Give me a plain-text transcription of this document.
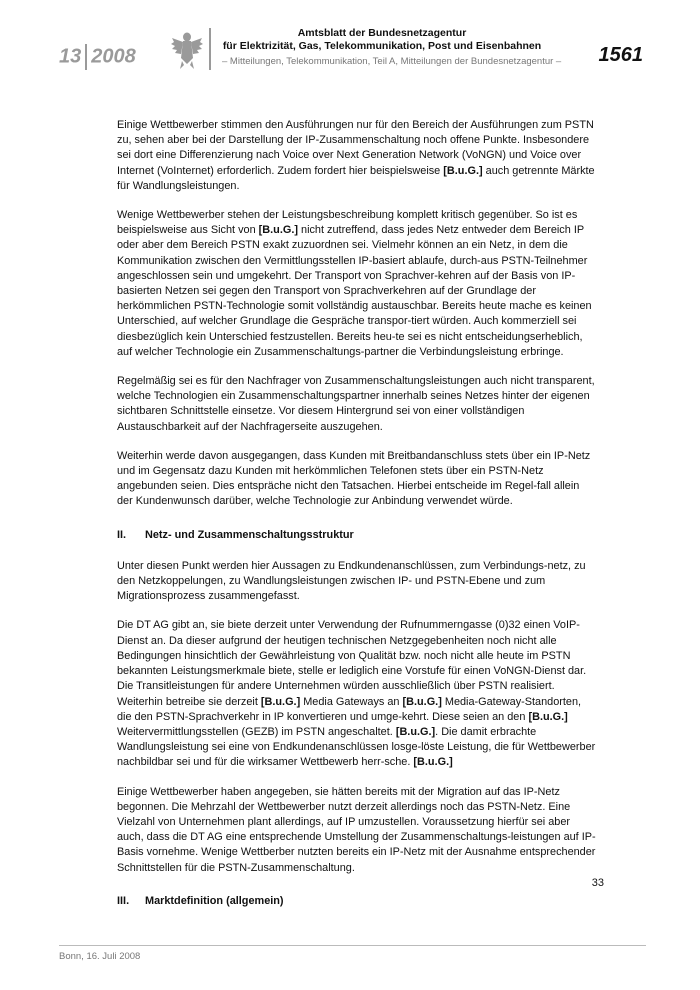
13 2008
Amtsblatt der Bundesnetzagentur
für Elektrizität, Gas, Telekommunikation, Post und Eisenbahnen
– Mitteilungen, Telekommunikation, Teil A, Mitteilungen der Bundesnetzagentur – 1561

Einige Wettbewerber stimmen den Ausführungen nur für den Bereich der Ausführungen zum PSTN zu, sehen aber bei der Darstellung der IP-Zusammenschaltung noch offene Punkte. Insbesondere sei dort eine Differenzierung nach Voice over Next Generation Network (VoNGN) und Voice over Internet (VoInternet) erforderlich. Zudem fordert hier beispielsweise [B.u.G.] auch getrennte Märkte für Wandlungsleistungen.

Wenige Wettbewerber stehen der Leistungsbeschreibung komplett kritisch gegenüber. So ist es beispielsweise aus Sicht von [B.u.G.] nicht zutreffend, dass jedes Netz entweder dem Bereich IP oder aber dem Bereich PSTN exakt zuzuordnen sei. Vielmehr können an ein Netz, in dem die Kommunikation zwischen den Vermittlungsstellen IP-basiert ablaufe, durch-aus PSTN-Teilnehmer angeschlossen sein und umgekehrt. Der Transport von Sprachver-kehren auf der Basis von IP-basierten Netzen sei gegen den Transport von Sprachverkehren auf der Grundlage der herkömmlichen PSTN-Technologie somit vollständig austauschbar. Bereits heute mache es keinen Unterschied, auf welcher Grundlage die Gespräche transpor-tiert würden. Auch kommerziell sei diesbezüglich kein Unterschied festzustellen. Bereits heu-te sei es nicht entscheidungserheblich, auf welcher Technologie ein Zusammenschaltungs-partner die Verbindungsleistung erbringe.

Regelmäßig sei es für den Nachfrager von Zusammenschaltungsleistungen auch nicht transparent, welche Technologien ein Zusammenschaltungspartner innerhalb seines Netzes hinter der eigenen sichtbaren Schnittstelle einsetze. Vor diesem Hintergrund sei von einer vollständigen Austauschbarkeit auf der Nachfragerseite auszugehen.

Weiterhin werde davon ausgegangen, dass Kunden mit Breitbandanschluss stets über ein IP-Netz und im Gegensatz dazu Kunden mit herkömmlichen Telefonen stets über ein PSTN-Netz angebunden seien. Dies entspräche nicht den Tatsachen. Hierbei entscheide im Regel-fall allein der Kundenwunsch darüber, welche Technologie zur Anbindung verwendet würde.

II. Netz- und Zusammenschaltungsstruktur

Unter diesen Punkt werden hier Aussagen zu Endkundenanschlüssen, zum Verbindungs-netz, zu den Netzkoppelungen, zu Wandlungsleistungen zwischen IP- und PSTN-Ebene und zum Migrationsprozess zusammengefasst.

Die DT AG gibt an, sie biete derzeit unter Verwendung der Rufnummerngasse (0)32 einen VoIP-Dienst an. Da dieser aufgrund der heutigen technischen Netzgegebenheiten noch nicht alle Bedingungen hinsichtlich der Gewährleistung von Qualität bzw. noch nicht alle heute im PSTN bekannten Leistungsmerkmale biete, stelle er lediglich eine Vorstufe für einen VoNGN-Dienst dar. Die Transitleistungen für andere Unternehmen würden ausschließlich über PSTN realisiert. Weiterhin betreibe sie derzeit [B.u.G.] Media Gateways an [B.u.G.] Media-Gateway-Standorten, die den PSTN-Sprachverkehr in IP konvertieren und umge-kehrt. Diese seien an den [B.u.G.] Weitervermittlungsstellen (GEZB) im PSTN angeschaltet. [B.u.G.]. Die damit erbrachte Wandlungsleistung sei eine von Endkundenanschlüssen losge-löste Leistung, die für Wettbewerber nachbildbar sei und für die wirksamer Wettbewerb herr-sche. [B.u.G.]

Einige Wettbewerber haben angegeben, sie hätten bereits mit der Migration auf das IP-Netz begonnen. Die Mehrzahl der Wettbewerber nutzt derzeit allerdings noch das PSTN-Netz. Eine Vielzahl von Unternehmen plant allerdings, auf IP umzustellen. Voraussetzung hierfür sei aber auch, dass die DT AG eine entsprechende Umstellung der Zusammenschaltungs-leistungen auf IP-Basis vornehme. Wenige Wettberber nutzten bereits ein IP-Netz mit der Ausnahme entsprechender Schnittstellen für die PSTN-Zusammenschaltung.

III. Marktdefinition (allgemein)
33
Bonn, 16. Juli 2008
